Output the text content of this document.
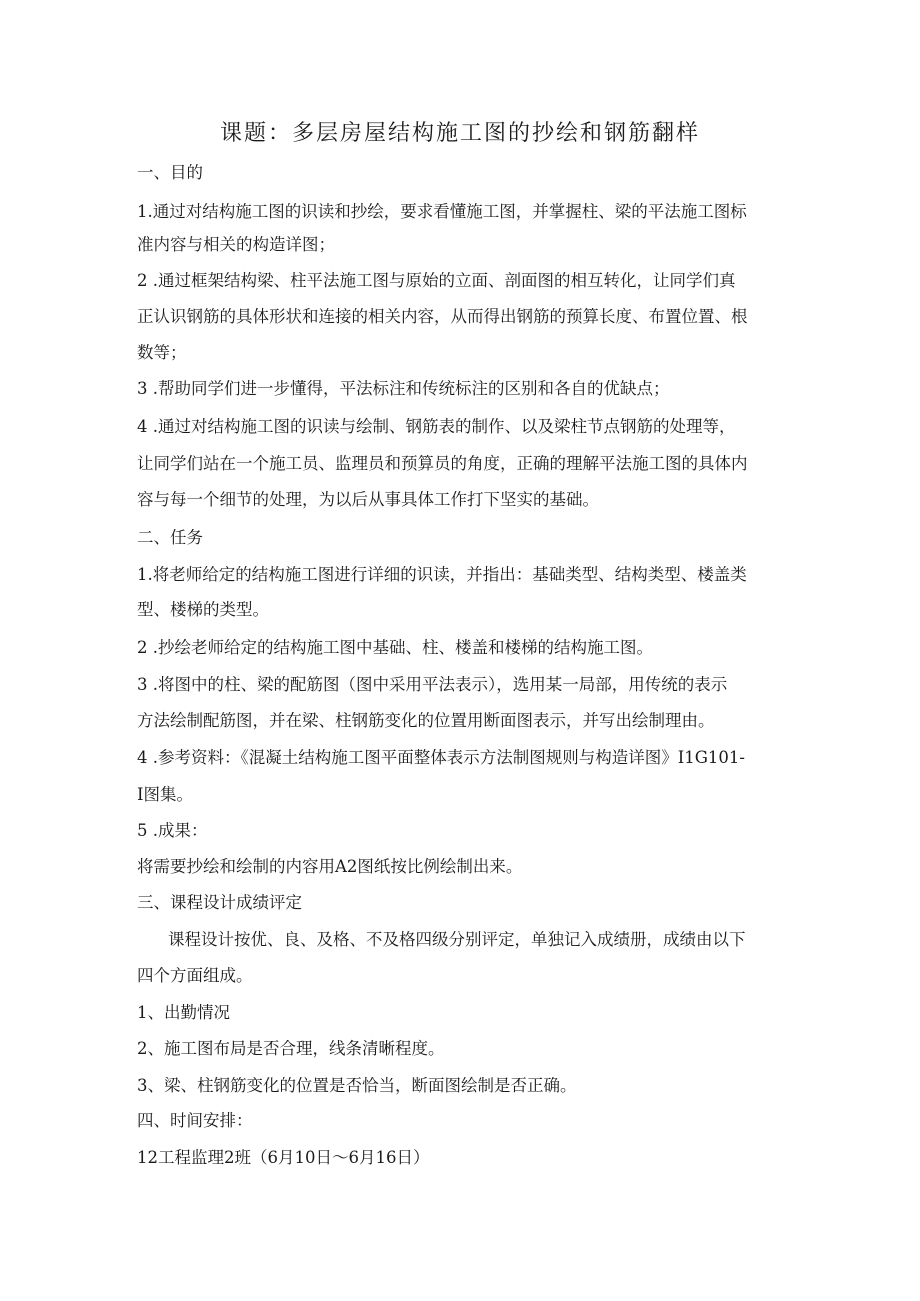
课题：多层房屋结构施工图的抄绘和钢筋翻样
一、目的
1.通过对结构施工图的识读和抄绘，要求看懂施工图，并掌握柱、梁的平法施工图标
准内容与相关的构造详图；
2 .通过框架结构梁、柱平法施工图与原始的立面、剖面图的相互转化，让同学们真
正认识钢筋的具体形状和连接的相关内容，从而得出钢筋的预算长度、布置位置、根
数等；
3 .帮助同学们进一步懂得，平法标注和传统标注的区别和各自的优缺点；
4 .通过对结构施工图的识读与绘制、钢筋表的制作、以及梁柱节点钢筋的处理等，
让同学们站在一个施工员、监理员和预算员的角度，正确的理解平法施工图的具体内
容与每一个细节的处理，为以后从事具体工作打下坚实的基础。
二、任务
1.将老师给定的结构施工图进行详细的识读，并指出：基础类型、结构类型、楼盖类
型、楼梯的类型。
2 .抄绘老师给定的结构施工图中基础、柱、楼盖和楼梯的结构施工图。
3 .将图中的柱、梁的配筋图（图中采用平法表示），选用某一局部，用传统的表示
方法绘制配筋图，并在梁、柱钢筋变化的位置用断面图表示，并写出绘制理由。
4 .参考资料：《混凝土结构施工图平面整体表示方法制图规则与构造详图》I1G101-
I图集。
5 .成果：
将需要抄绘和绘制的内容用A2图纸按比例绘制出来。
三、课程设计成绩评定
课程设计按优、良、及格、不及格四级分别评定，单独记入成绩册，成绩由以下
四个方面组成。
1、出勤情况
2、施工图布局是否合理，线条清晰程度。
3、梁、柱钢筋变化的位置是否恰当，断面图绘制是否正确。
四、时间安排：
12工程监理2班（6月10日～6月16日）
